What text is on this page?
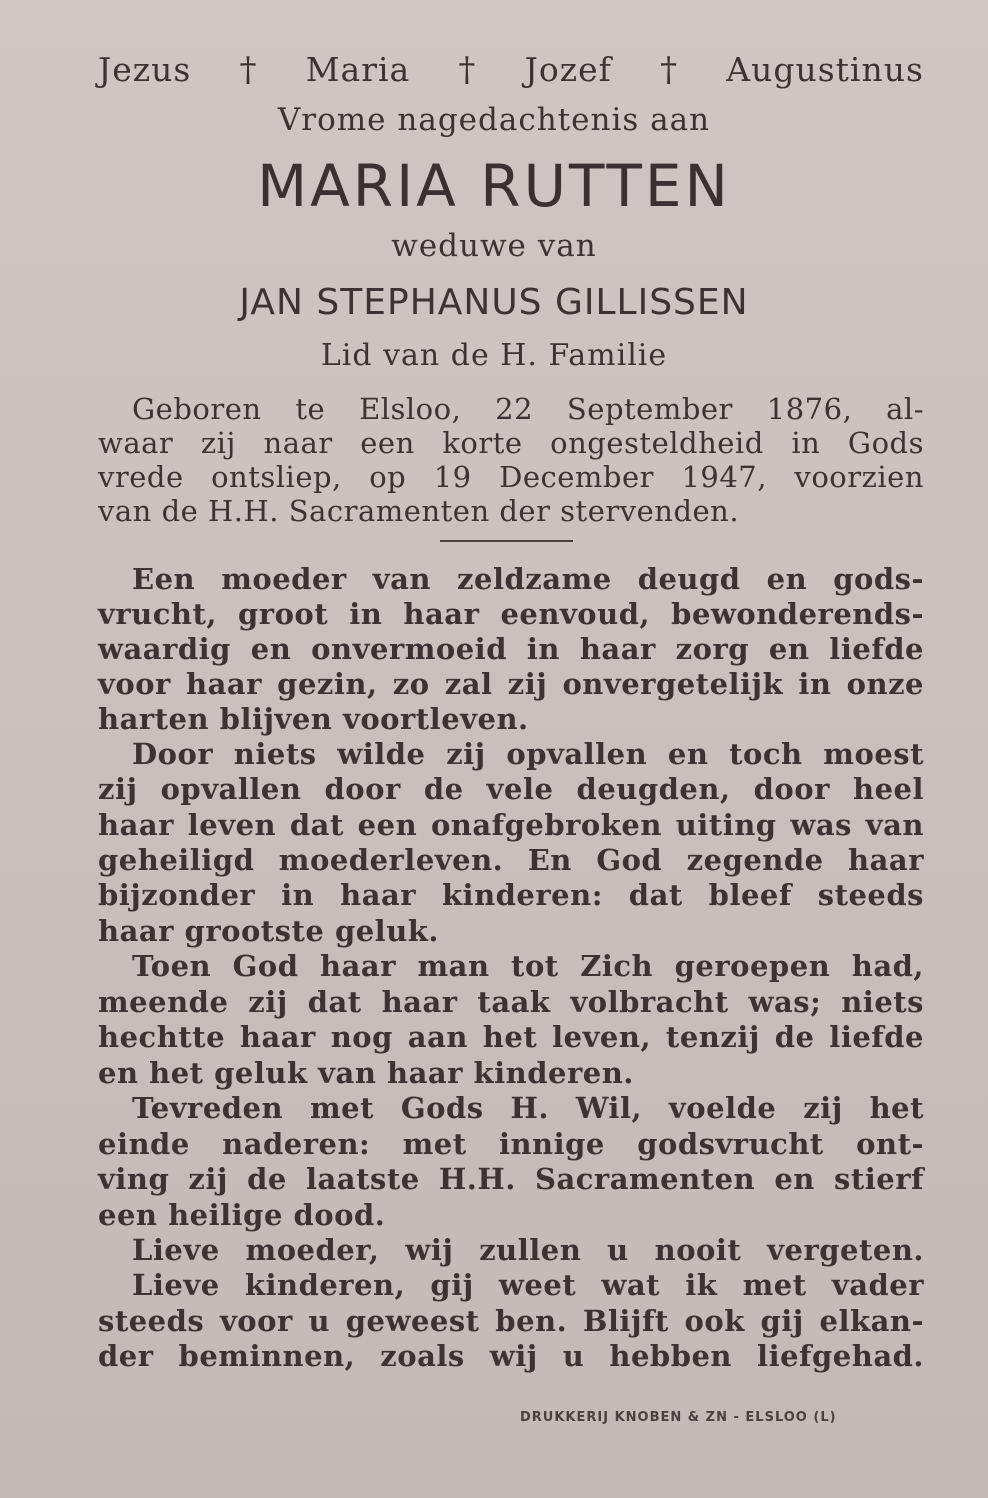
Jezus † Maria † Jozef † Augustinus
Vrome nagedachtenis aan
MARIA RUTTEN
weduwe van
JAN STEPHANUS GILLISSEN
Lid van de H. Familie
Geboren te Elsloo, 22 September 1876, al-
waar zij naar een korte ongesteldheid in Gods
vrede ontsliep, op 19 December 1947, voorzien
van de H.H. Sacramenten der stervenden.
Een moeder van zeldzame deugd en gods-
vrucht, groot in haar eenvoud, bewonderends-
waardig en onvermoeid in haar zorg en liefde
voor haar gezin, zo zal zij onvergetelijk in onze
harten blijven voortleven.
Door niets wilde zij opvallen en toch moest
zij opvallen door de vele deugden, door heel
haar leven dat een onafgebroken uiting was van
geheiligd moederleven. En God zegende haar
bijzonder in haar kinderen: dat bleef steeds
haar grootste geluk.
Toen God haar man tot Zich geroepen had,
meende zij dat haar taak volbracht was; niets
hechtte haar nog aan het leven, tenzij de liefde
en het geluk van haar kinderen.
Tevreden met Gods H. Wil, voelde zij het
einde naderen: met innige godsvrucht ont-
ving zij de laatste H.H. Sacramenten en stierf
een heilige dood.
Lieve moeder, wij zullen u nooit vergeten.
Lieve kinderen, gij weet wat ik met vader
steeds voor u geweest ben. Blijft ook gij elkan-
der beminnen, zoals wij u hebben liefgehad.
DRUKKERIJ KNOBEN & ZN - ELSLOO (L)
